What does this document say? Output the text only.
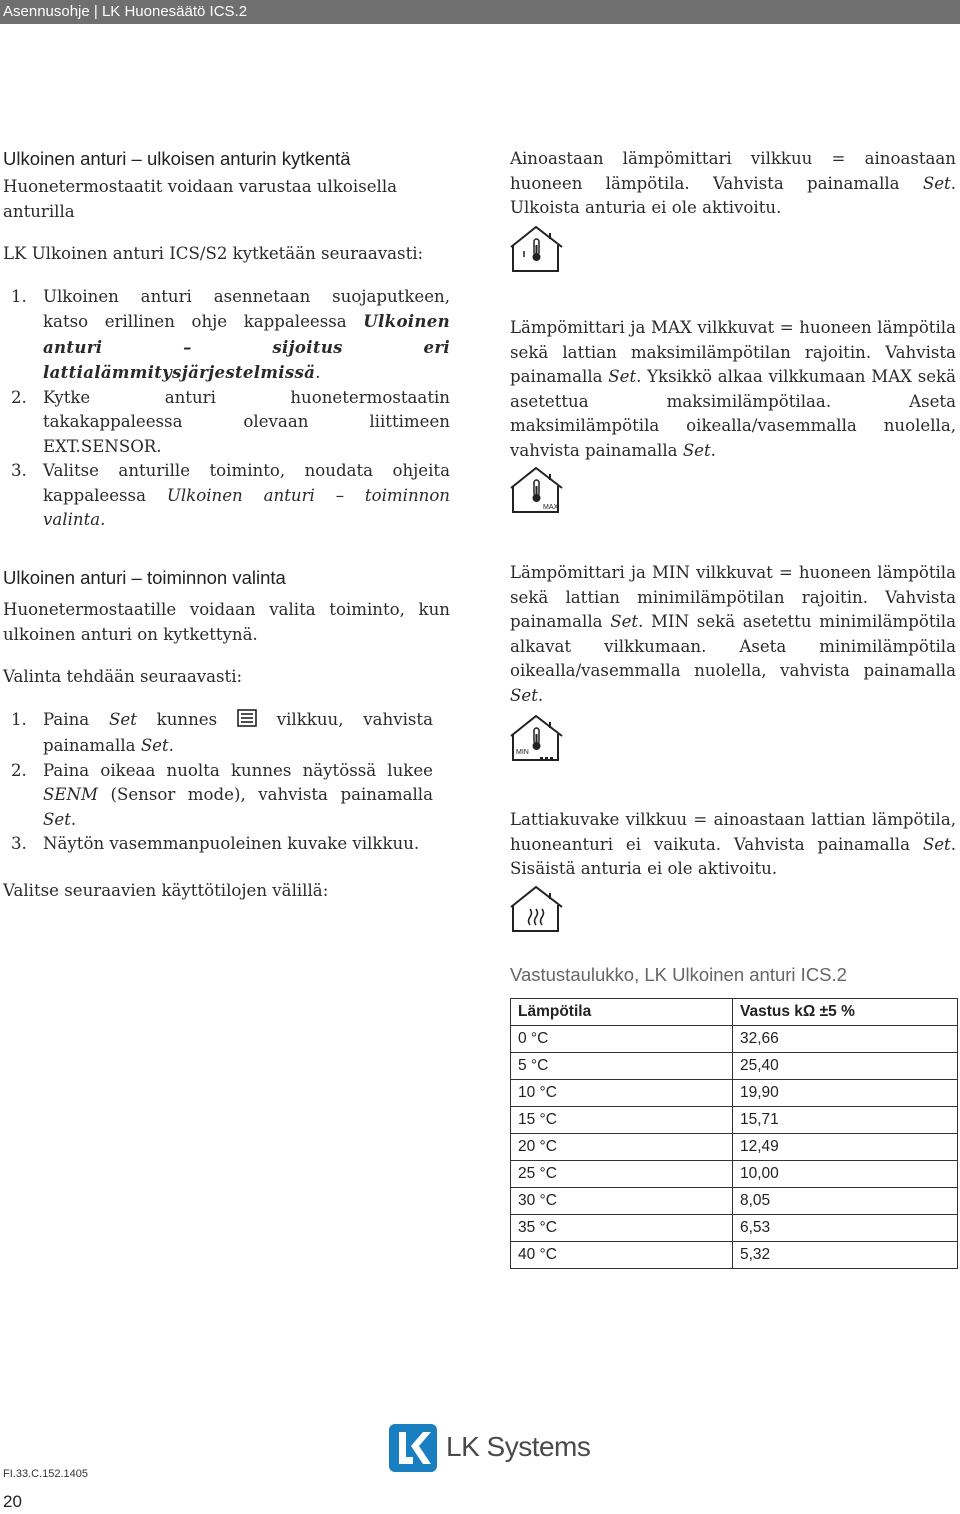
Asennusohje | LK Huonesäätö ICS.2
Ulkoinen anturi – ulkoisen anturin kytkentä
Huonetermostaatit voidaan varustaa ulkoisella anturilla
LK Ulkoinen anturi ICS/S2 kytketään seuraavasti:
1. Ulkoinen anturi asennetaan suojaputkeen, katso erillinen ohje kappaleessa Ulkoinen anturi – sijoitus eri lattialämmitysjärjestelmissä.
2. Kytke anturi huonetermostaatin takakappaleessa olevaan liittimeen EXT.SENSOR.
3. Valitse anturille toiminto, noudata ohjeita kappaleessa Ulkoinen anturi – toiminnon valinta.
Ulkoinen anturi – toiminnon valinta
Huonetermostaatille voidaan valita toiminto, kun ulkoinen anturi on kytkettynä.
Valinta tehdään seuraavasti:
1. Paina Set kunnes  vilkkuu, vahvista painamalla Set.
2. Paina oikeaa nuolta kunnes näytössä lukee SENM (Sensor mode), vahvista painamalla Set.
3. Näytön vasemmanpuoleinen kuvake vilkkuu.
Valitse seuraavien käyttötilojen välillä:
Ainoastaan lämpömittari vilkkuu = ainoastaan huoneen lämpötila. Vahvista painamalla Set. Ulkoista anturia ei ole aktivoitu.
Lämpömittari ja MAX vilkkuvat = huoneen lämpötila sekä lattian maksimilämpötilan rajoitin. Vahvista painamalla Set. Yksikkö alkaa vilkkumaan MAX sekä asetettua maksimilämpötilaa. Aseta maksimilämpötila oikealla/vasemmalla nuolella, vahvista painamalla Set.
MAX
Lämpömittari ja MIN vilkkuvat = huoneen lämpötila sekä lattian minimilämpötilan rajoitin. Vahvista painamalla Set. MIN sekä asetettu minimilämpötila alkavat vilkkumaan. Aseta minimilämpötila oikealla/vasemmalla nuolella, vahvista painamalla Set.
MIN
Lattiakuvake vilkkuu = ainoastaan lattian lämpötila, huoneanturi ei vaikuta. Vahvista painamalla Set. Sisäistä anturia ei ole aktivoitu.
Vastustaulukko, LK Ulkoinen anturi ICS.2
Lämpötila	Vastus kΩ ±5 %
0 °C	32,66
5 °C	25,40
10 °C	19,90
15 °C	15,71
20 °C	12,49
25 °C	10,00
30 °C	8,05
35 °C	6,53
40 °C	5,32
LK Systems
FI.33.C.152.1405
20
